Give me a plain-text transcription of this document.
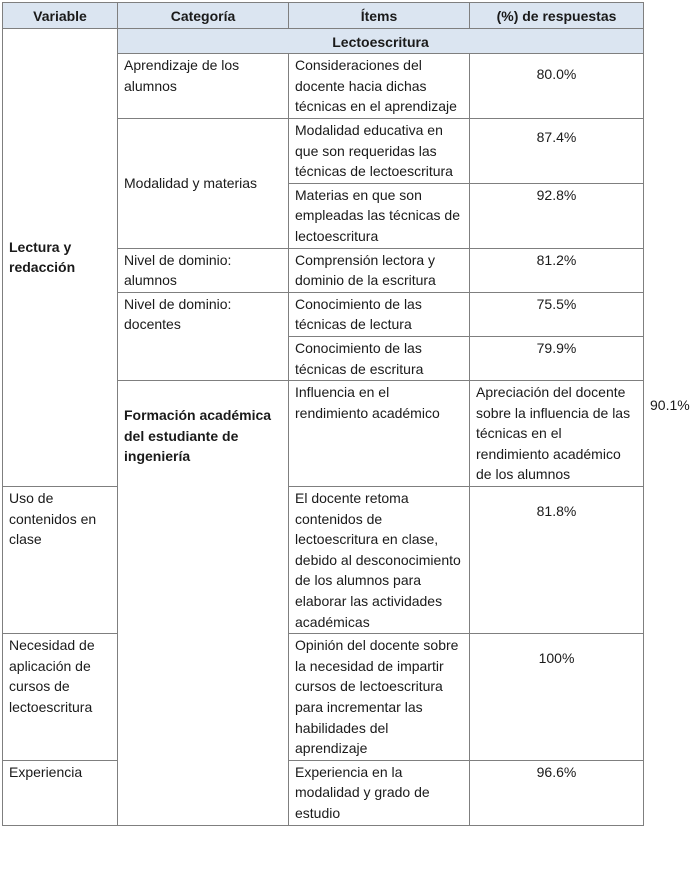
Variable	Categoría	Ítems	(%) de respuestas	
Lectura y redacción	Lectoescritura			
	Aprendizaje de los alumnos	Consideraciones del docente hacia dichas técnicas en el aprendizaje	80.0%	
	Modalidad y materias	Modalidad educativa en que son requeridas las técnicas de lectoescritura	87.4%	
		Materias en que son empleadas las técnicas de lectoescritura	92.8%	
	Nivel de dominio: alumnos	Comprensión lectora y dominio de la escritura	81.2%	
	Nivel de dominio: docentes	Conocimiento de las técnicas de lectura	75.5%	
		Conocimiento de las técnicas de escritura	79.9%	
	Formación académica del estudiante de ingeniería	Influencia en el rendimiento académico	Apreciación del docente sobre la influencia de las técnicas en el rendimiento académico de los alumnos	90.1%
Uso de contenidos en clase		El docente retoma contenidos de lectoescritura en clase, debido al desconocimiento de los alumnos para elaborar las actividades académicas	81.8%	
Necesidad de aplicación de cursos de lectoescritura		Opinión del docente sobre la necesidad de impartir cursos de lectoescritura para incrementar las habilidades del aprendizaje	100%	
Experiencia		Experiencia en la modalidad y grado de estudio	96.6%	
